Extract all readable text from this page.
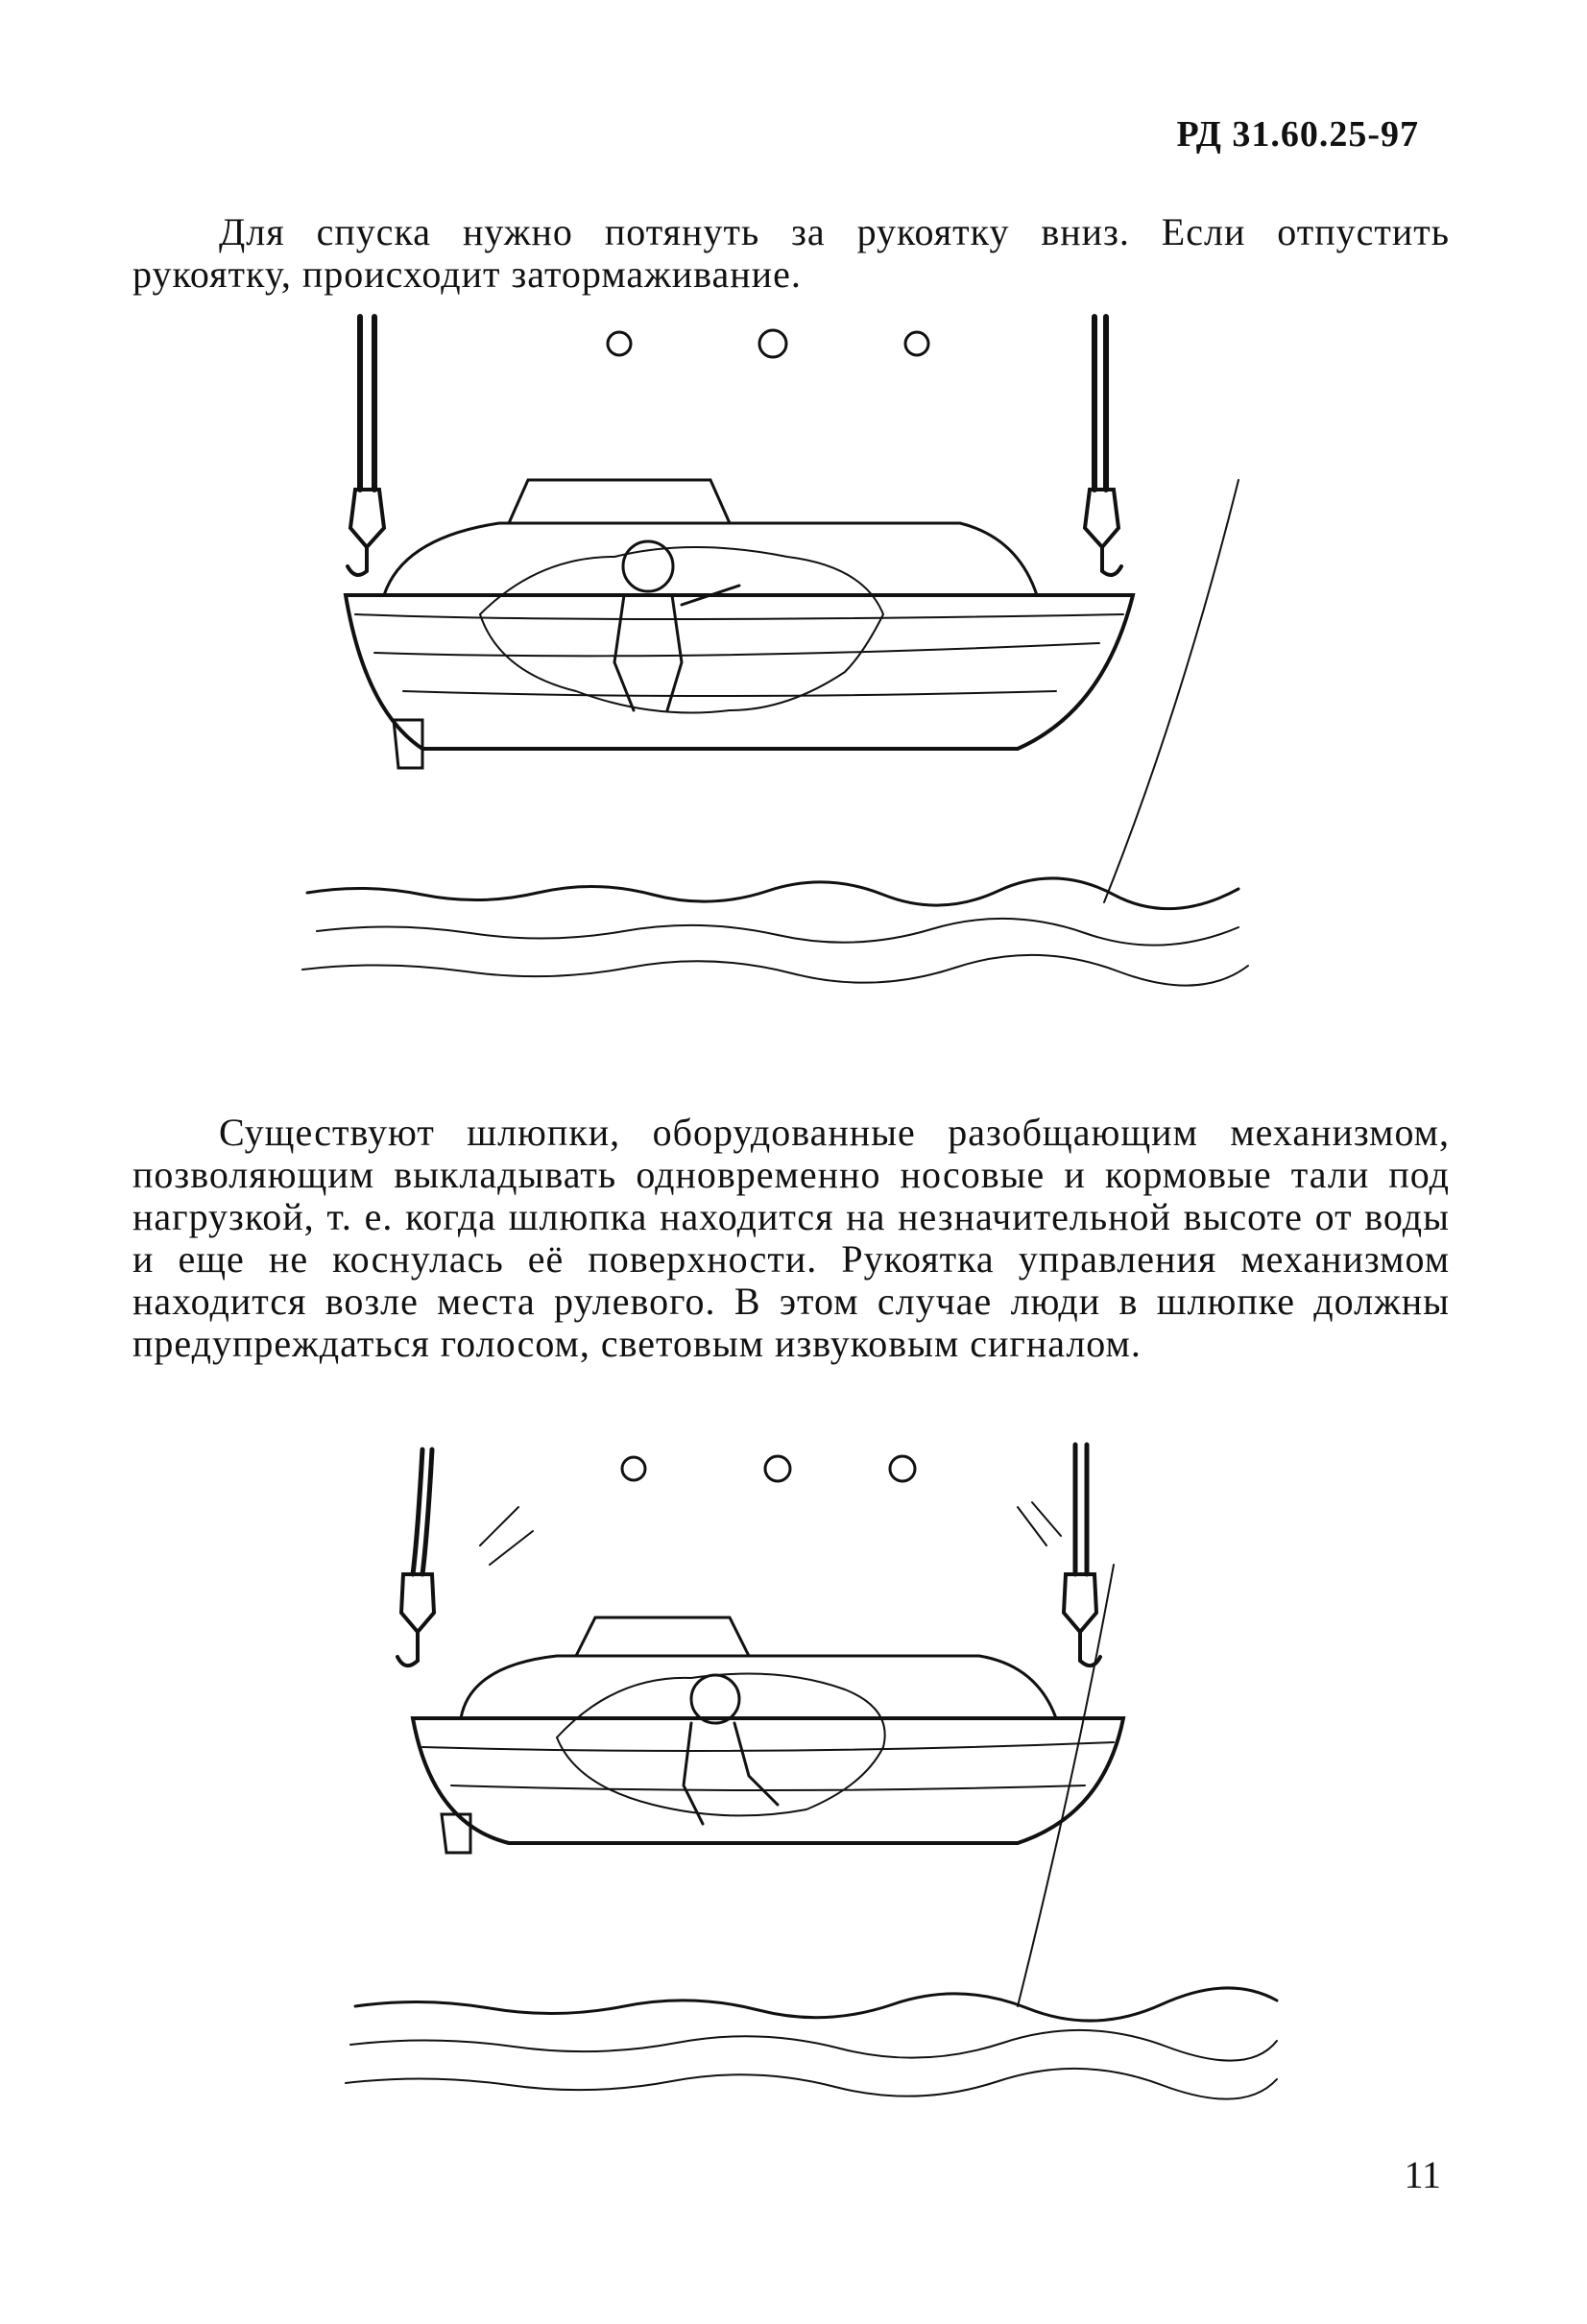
РД 31.60.25-97

Для спуска нужно потянуть за рукоятку вниз. Если отпустить рукоятку, происходит затормаживание.

Существуют шлюпки, оборудованные разобщающим механизмом, позволяющим выкладывать одновременно носовые и кормовые тали под нагрузкой, т. е. когда шлюпка находится на незначительной высоте от воды и еще не коснулась её поверхности. Рукоятка управления механизмом находится возле места рулевого. В этом случае люди в шлюпке должны предупреждаться голосом, световым извуковым сигналом.

11
